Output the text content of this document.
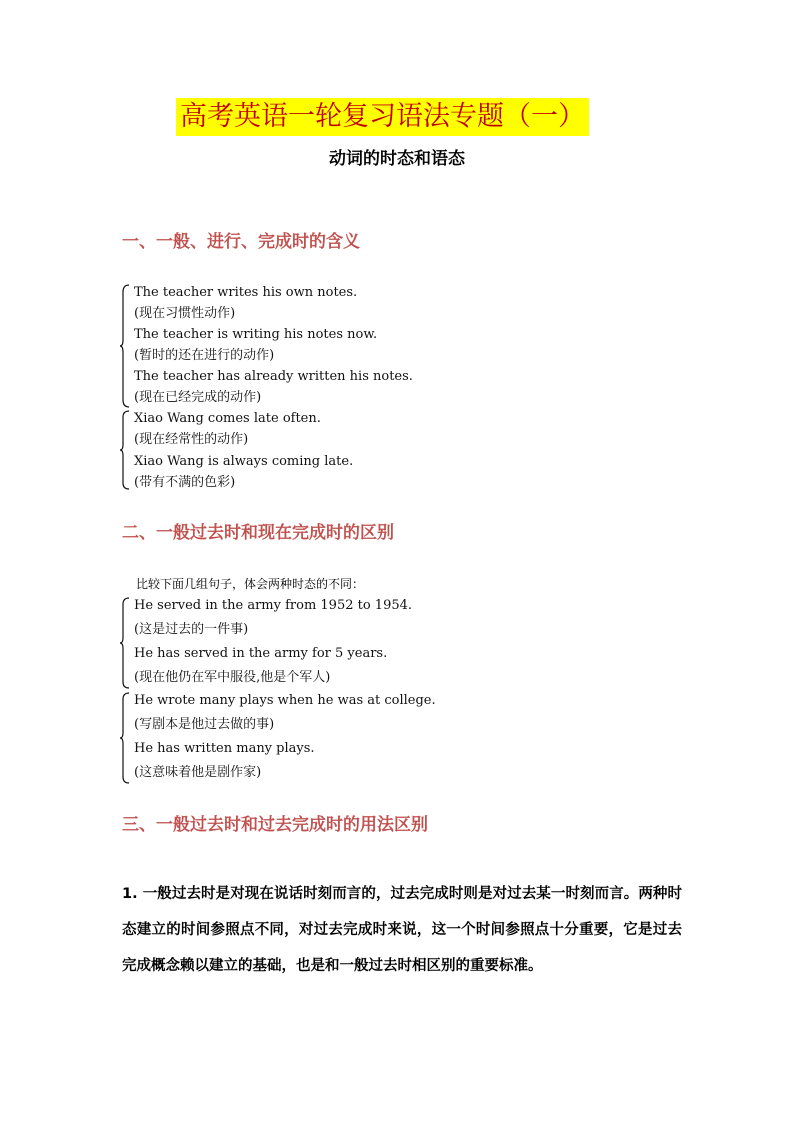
高考英语一轮复习语法专题（一）
动词的时态和语态
一、一般、进行、完成时的含义
The teacher writes his own notes.
(现在习惯性动作)
The teacher is writing his notes now.
(暂时的还在进行的动作)
The teacher has already written his notes.
(现在已经完成的动作)
Xiao Wang comes late often.
(现在经常性的动作)
Xiao Wang is always coming late.
(带有不满的色彩)
二、一般过去时和现在完成时的区别
比较下面几组句子，体会两种时态的不同：
He served in the army from 1952 to 1954.
(这是过去的一件事)
He has served in the army for 5 years.
(现在他仍在军中服役,他是个军人)
He wrote many plays when he was at college.
(写剧本是他过去做的事)
He has written many plays.
(这意味着他是剧作家)
三、一般过去时和过去完成时的用法区别
1. 一般过去时是对现在说话时刻而言的，过去完成时则是对过去某一时刻而言。两种时态建立的时间参照点不同，对过去完成时来说，这一个时间参照点十分重要，它是过去完成概念赖以建立的基础，也是和一般过去时相区别的重要标准。
